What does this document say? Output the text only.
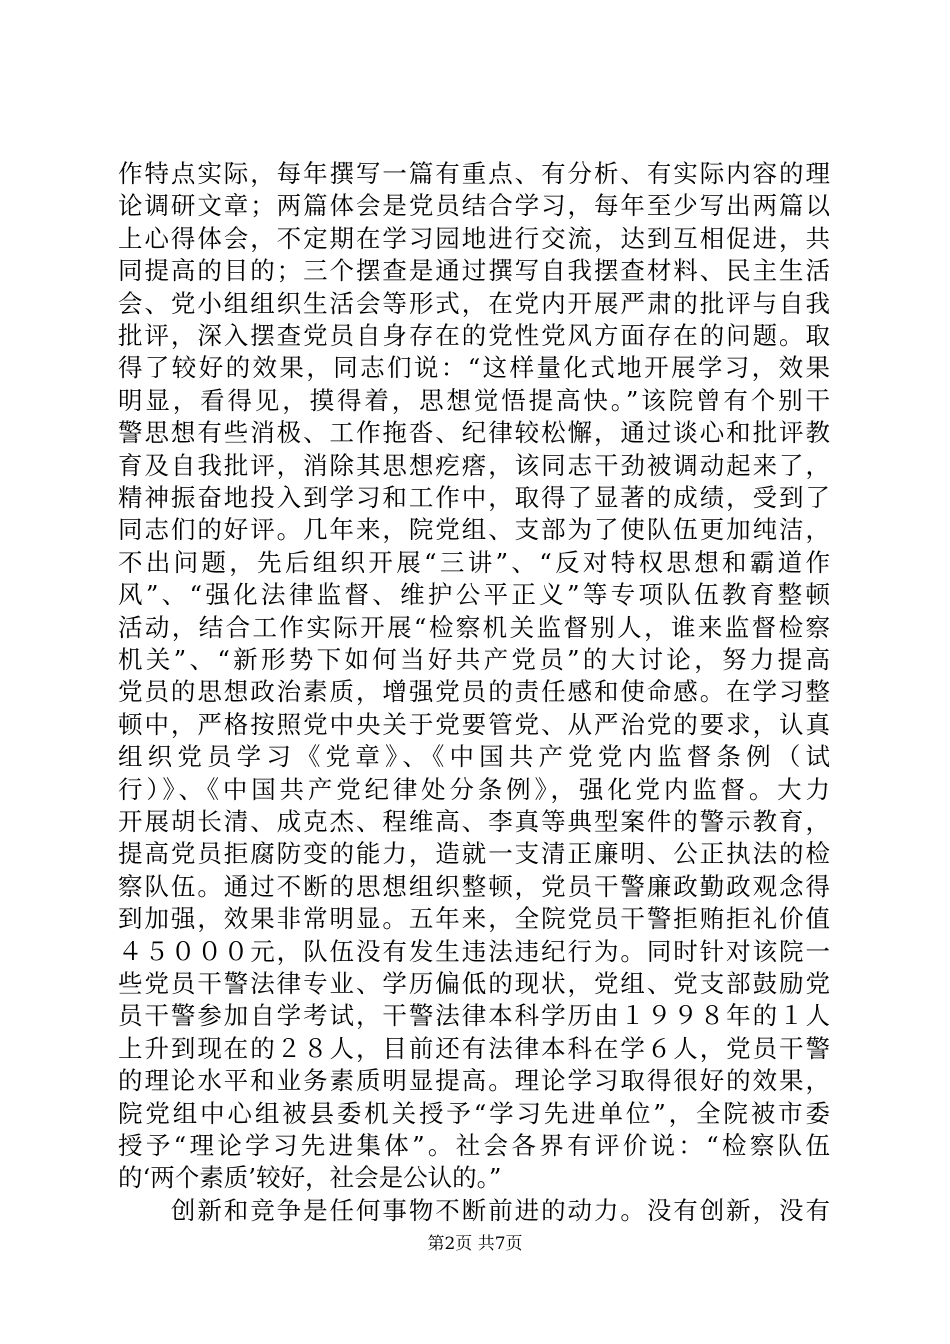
作特点实际，每年撰写一篇有重点、有分析、有实际内容的理
论调研文章；两篇体会是党员结合学习，每年至少写出两篇以
上心得体会，不定期在学习园地进行交流，达到互相促进，共
同提高的目的；三个摆查是通过撰写自我摆查材料、民主生活
会、党小组组织生活会等形式，在党内开展严肃的批评与自我
批评，深入摆查党员自身存在的党性党风方面存在的问题。取
得了较好的效果，同志们说：“这样量化式地开展学习，效果
明显，看得见，摸得着，思想觉悟提高快。”该院曾有个别干
警思想有些消极、工作拖沓、纪律较松懈，通过谈心和批评教
育及自我批评，消除其思想疙瘩，该同志干劲被调动起来了，
精神振奋地投入到学习和工作中，取得了显著的成绩，受到了
同志们的好评。几年来，院党组、支部为了使队伍更加纯洁，
不出问题，先后组织开展“三讲”、“反对特权思想和霸道作
风”、“强化法律监督、维护公平正义”等专项队伍教育整顿
活动，结合工作实际开展“检察机关监督别人，谁来监督检察
机关”、“新形势下如何当好共产党员”的大讨论，努力提高
党员的思想政治素质，增强党员的责任感和使命感。在学习整
顿中，严格按照党中央关于党要管党、从严治党的要求，认真
组织党员学习《党章》、《中国共产党党内监督条例（试
行）》、《中国共产党纪律处分条例》，强化党内监督。大力
开展胡长清、成克杰、程维高、李真等典型案件的警示教育，
提高党员拒腐防变的能力，造就一支清正廉明、公正执法的检
察队伍。通过不断的思想组织整顿，党员干警廉政勤政观念得
到加强，效果非常明显。五年来，全院党员干警拒贿拒礼价值
４５０００元，队伍没有发生违法违纪行为。同时针对该院一
些党员干警法律专业、学历偏低的现状，党组、党支部鼓励党
员干警参加自学考试，干警法律本科学历由１９９８年的１人
上升到现在的２８人，目前还有法律本科在学６人，党员干警
的理论水平和业务素质明显提高。理论学习取得很好的效果，
院党组中心组被县委机关授予“学习先进单位”，全院被市委
授予“理论学习先进集体”。社会各界有评价说：“检察队伍
的‘两个素质’较好，社会是公认的。”
　　创新和竞争是任何事物不断前进的动力。没有创新，没有
第2页 共7页
